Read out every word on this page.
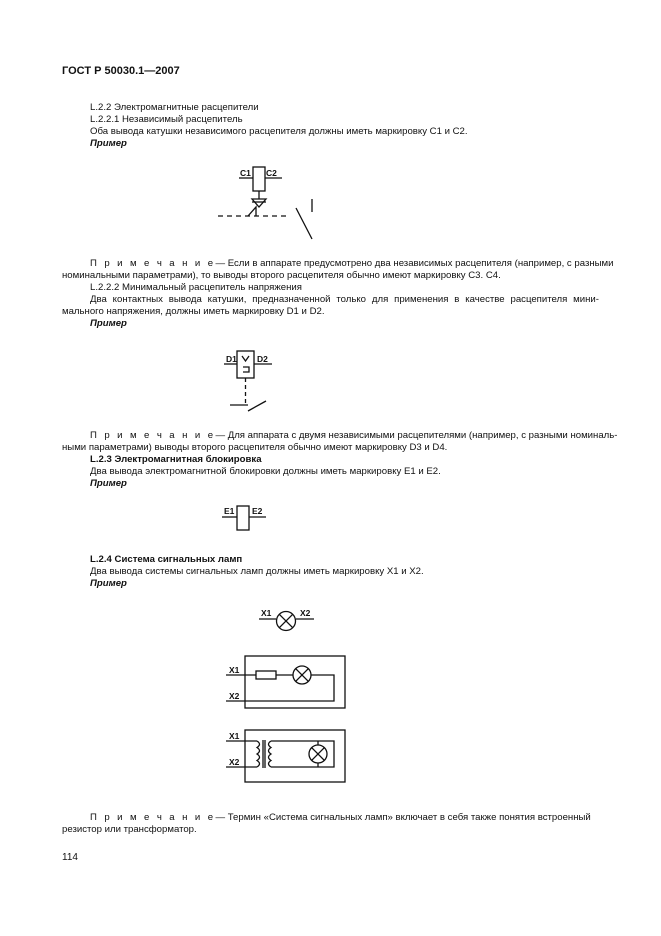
ГОСТ Р 50030.1—2007
L.2.2 Электромагнитные расцепители
L.2.2.1 Независимый расцепитель
Оба вывода катушки независимого расцепителя должны иметь маркировку С1 и С2.
Пример
П р и м е ч а н и е— Если в аппарате предусмотрено два независимых расцепителя (например, с разными
номинальными параметрами), то выводы второго расцепителя обычно имеют маркировку С3. С4.
L.2.2.2 Минимальный расцепитель напряжения
Два контактных вывода катушки, предназначенной только для применения в качестве расцепителя мини-
мального напряжения, должны иметь маркировку D1 и D2.
Пример
П р и м е ч а н и е— Для аппарата с двумя независимыми расцепителями (например, с разными номиналь-
ными параметрами) выводы второго расцепителя обычно имеют маркировку D3 и D4.
L.2.3 Электромагнитная блокировка
Два вывода электромагнитной блокировки должны иметь маркировку Е1 и Е2.
Пример
L.2.4 Система сигнальных ламп
Два вывода системы сигнальных ламп должны иметь маркировку X1 и X2.
Пример
П р и м е ч а н и е— Термин «Система сигнальных ламп» включает в себя также понятия встроенный
резистор или трансформатор.
114
C1 C2
D1 D2
E1 E2
X1	X2
X1
X2
X1
X2
